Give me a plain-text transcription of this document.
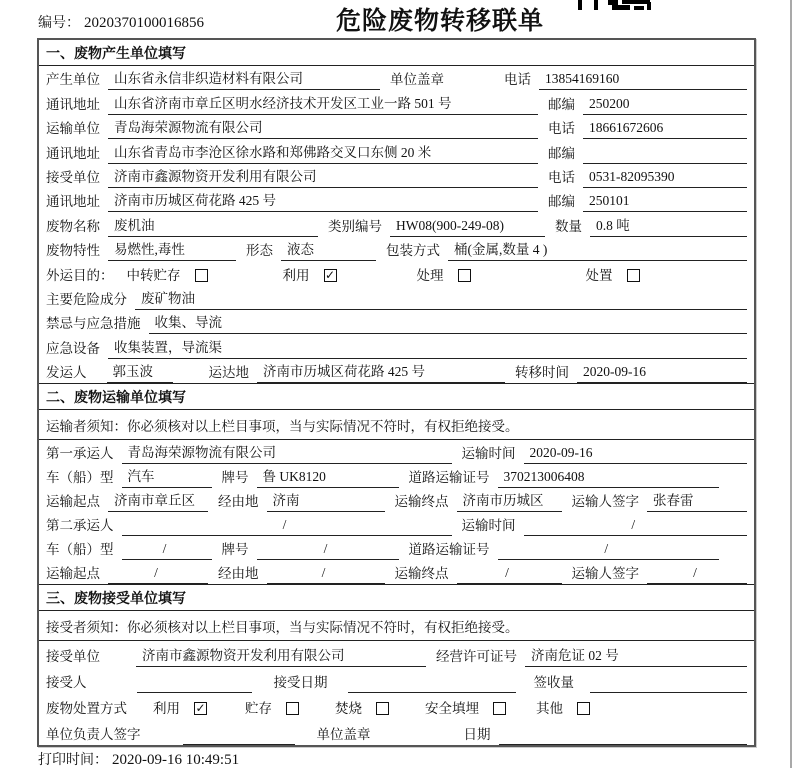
编号： 2020370100016856	危险废物转移联单
一、废物产生单位填写
产生单位	山东省永信非织造材料有限公司	单位盖章	电话	13854169160
通讯地址	山东省济南市章丘区明水经济技术开发区工业一路 501 号	邮编	250200
运输单位	青岛海荣源物流有限公司	电话	18661672606
通讯地址	山东省青岛市李沧区徐水路和郑佛路交叉口东侧 20 米	邮编
接受单位	济南市鑫源物资开发利用有限公司	电话	0531-82095390
通讯地址	济南市历城区荷花路 425 号	邮编	250101
废物名称	废机油	类别编号	HW08(900-249-08)	数量	0.8 吨
废物特性	易燃性,毒性	形态	液态	包装方式	桶(金属,数量 4 )
外运目的： 中转贮存	利用 ✓	处理	处置
主要危险成分	废矿物油
禁忌与应急措施	收集、导流
应急设备	收集装置，导流渠
发运人	郭玉波	运达地	济南市历城区荷花路 425 号	转移时间	2020-09-16
二、废物运输单位填写
运输者须知：你必须核对以上栏目事项，当与实际情况不符时，有权拒绝接受。
第一承运人	青岛海荣源物流有限公司	运输时间	2020-09-16
车（船）型	汽车	牌号	鲁 UK8120	道路运输证号	370213006408
运输起点	济南市章丘区	经由地	济南	运输终点	济南市历城区	运输人签字	张春雷
第二承运人	/	运输时间	/
车（船）型	/	牌号	/	道路运输证号	/
运输起点	/	经由地	/	运输终点	/	运输人签字	/
三、废物接受单位填写
接受者须知：你必须核对以上栏目事项，当与实际情况不符时，有权拒绝接受。
接受单位	济南市鑫源物资开发利用有限公司	经营许可证号	济南危证 02 号
接受人	接受日期	签收量
废物处置方式 利用 ✓	贮存	焚烧	安全填埋	其他
单位负责人签字	单位盖章	日期
打印时间： 2020-09-16 10:49:51
